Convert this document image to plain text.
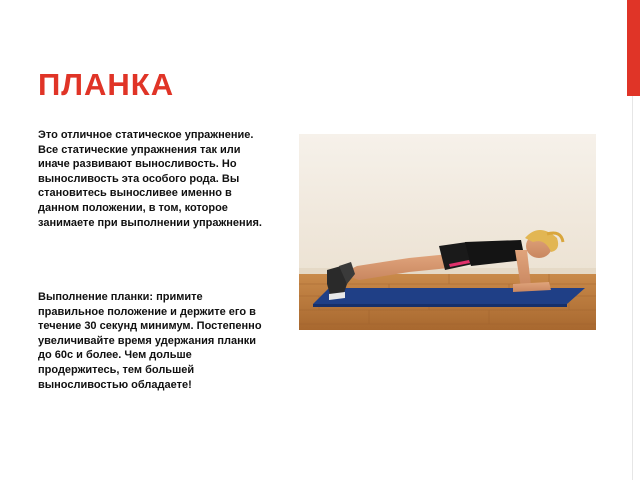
ПЛАНКА

Это отличное статическое упражнение. Все статические упражнения так или иначе развивают выносливость. Но выносливость эта особого рода. Вы становитесь выносливее именно в данном положении, в том, которое занимаете при выполнении упражнения.

Выполнение планки: примите правильное положение и держите его в течение 30 секунд минимум. Постепенно увеличивайте время удержания планки до 60с и более. Чем дольше продержитесь, тем большей выносливостью обладаете!
